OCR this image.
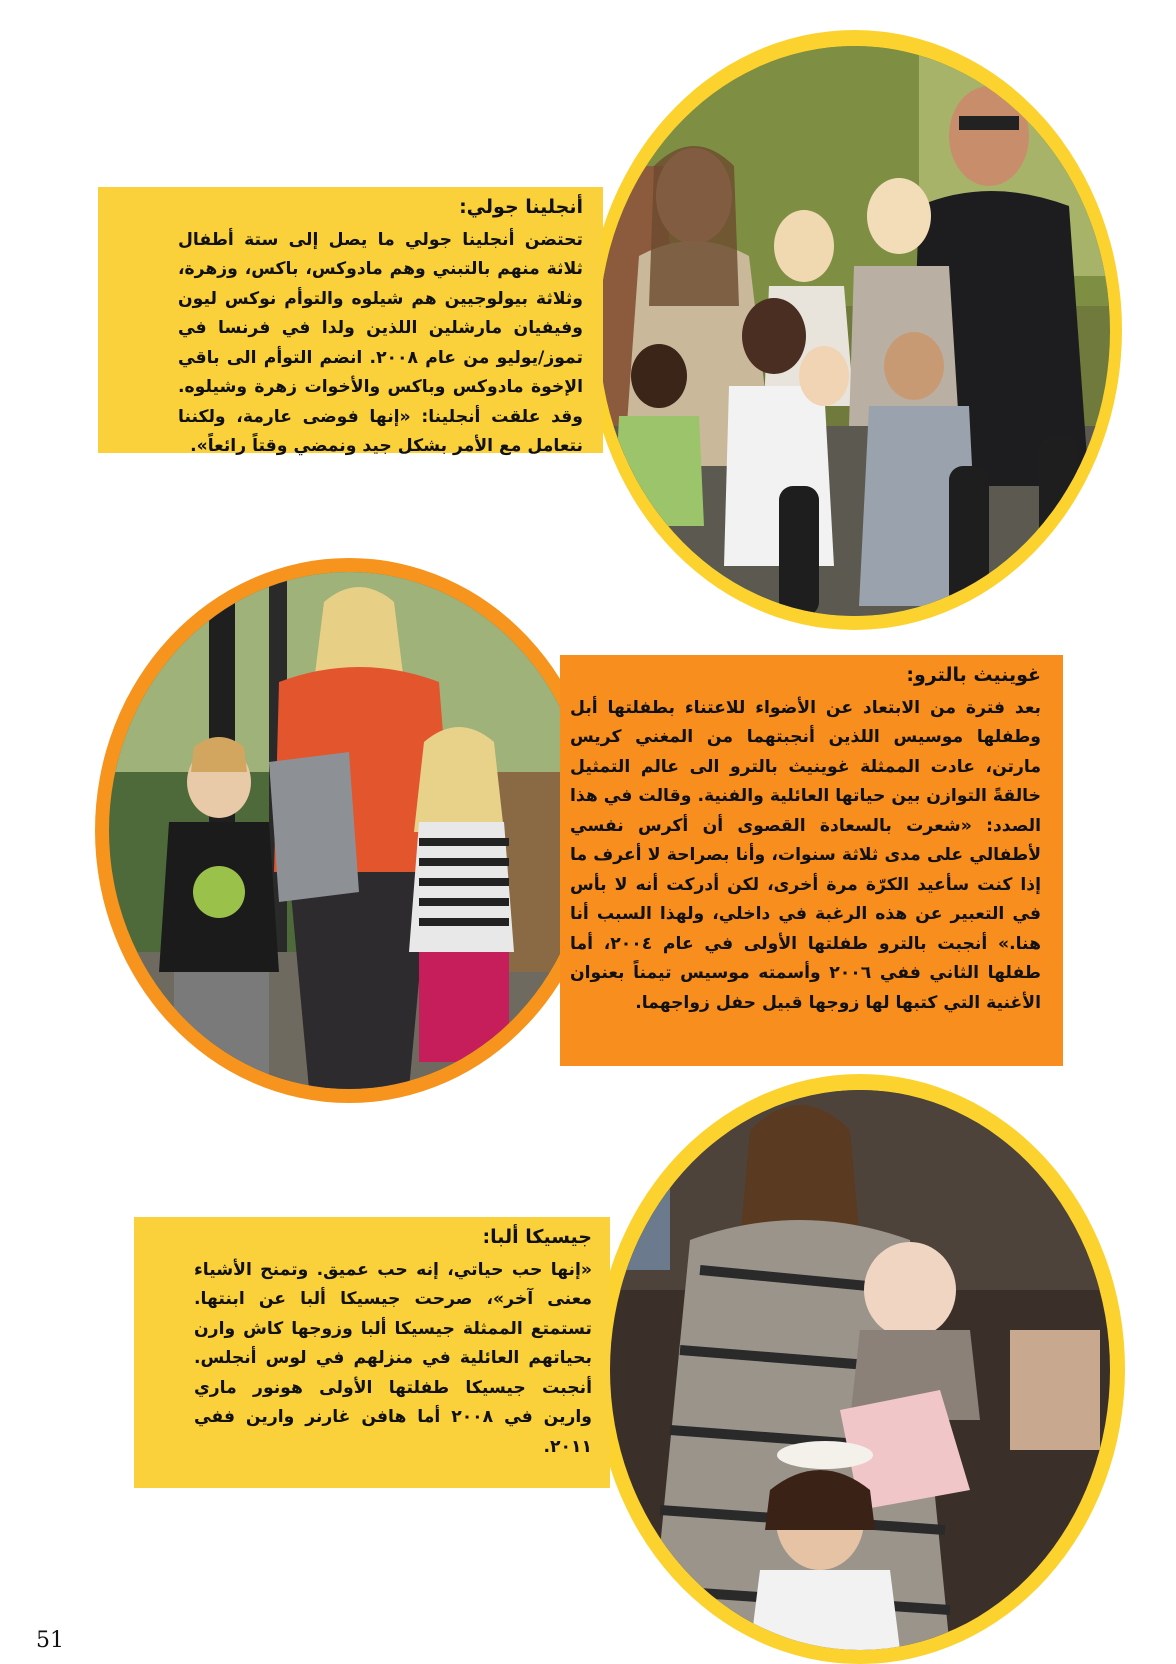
أنجلينا جولي:

تحتضن أنجلينا جولي ما يصل إلى ستة أطفال ثلاثة منهم بالتبني وهم مادوكس، باكس، وزهرة، وثلاثة بيولوجيين هم شيلوه والتوأم نوكس ليون وفيفيان مارشلين اللذين ولدا في فرنسا في تموز/يوليو من عام ٢٠٠٨. انضم التوأم الى باقي الإخوة مادوكس وباكس والأخوات زهرة وشيلوه. وقد علقت أنجلينا: «إنها فوضى عارمة، ولكننا نتعامل مع الأمر بشكل جيد ونمضي وقتاً رائعاً».

غوينيث بالترو:

بعد فترة من الابتعاد عن الأضواء للاعتناء بطفلتها أبل وطفلها موسيس اللذين أنجبتهما من المغني كريس مارتن، عادت الممثلة غوينيث بالترو الى عالم التمثيل خالقةً التوازن بين حياتها العائلية والفنية. وقالت في هذا الصدد: «شعرت بالسعادة القصوى أن أكرس نفسي لأطفالي على مدى ثلاثة سنوات، وأنا بصراحة لا أعرف ما إذا كنت سأعيد الكرّة مرة أخرى، لكن أدركت أنه لا بأس في التعبير عن هذه الرغبة في داخلي، ولهذا السبب أنا هنا.» أنجبت بالترو طفلتها الأولى في عام ٢٠٠٤، أما طفلها الثاني ففي ٢٠٠٦ وأسمته موسيس تيمناً بعنوان الأغنية التي كتبها لها زوجها قبيل حفل زواجهما.

جيسيكا ألبا:

«إنها حب حياتي، إنه حب عميق. وتمنح الأشياء معنى آخر»، صرحت جيسيكا ألبا عن ابنتها. تستمتع الممثلة جيسيكا ألبا وزوجها كاش وارن بحياتهم العائلية في منزلهم في لوس أنجلس. أنجبت جيسيكا طفلتها الأولى هونور ماري وارين في ٢٠٠٨ أما هافن غارنر وارين ففي ٢٠١١.

51
